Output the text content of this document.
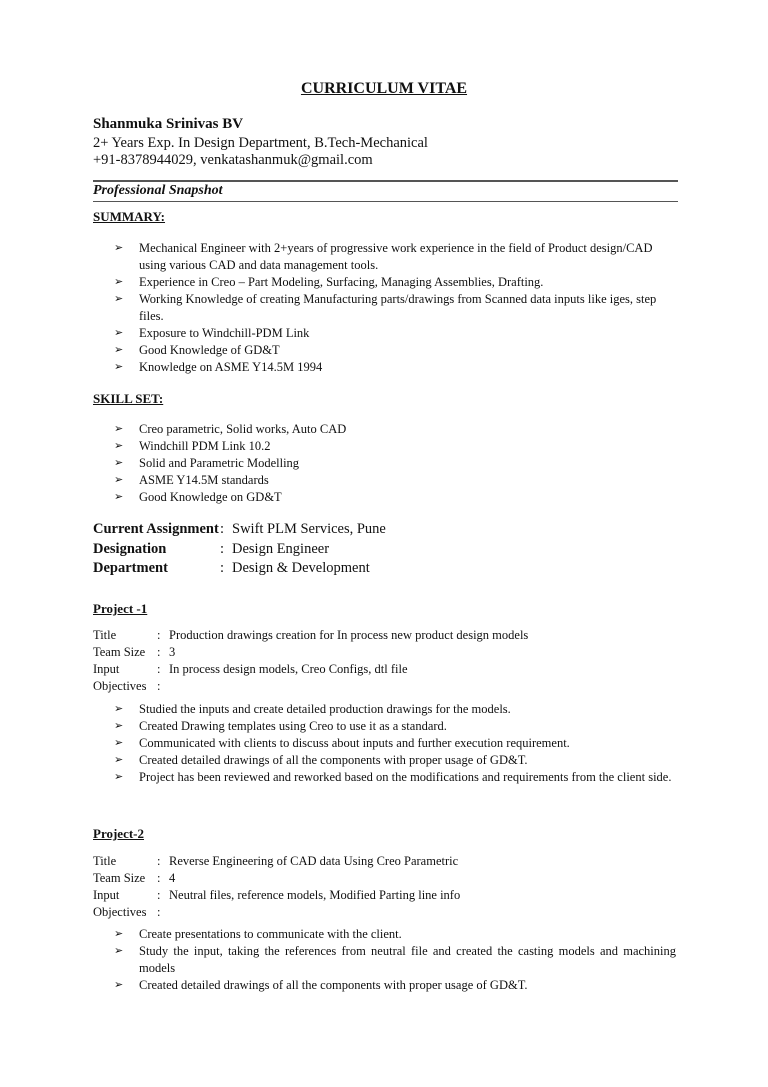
CURRICULUM VITAE
Shanmuka Srinivas BV
2+ Years Exp. In Design Department, B.Tech-Mechanical
+91-8378944029, venkatashanmuk@gmail.com
Professional Snapshot
SUMMARY:
➢ Mechanical Engineer with 2+years of progressive work experience in the field of Product design/CAD using various CAD and data management tools.
➢ Experience in Creo – Part Modeling, Surfacing, Managing Assemblies, Drafting.
➢ Working Knowledge of creating Manufacturing parts/drawings from Scanned data inputs like iges, step files.
➢ Exposure to Windchill-PDM Link
➢ Good Knowledge of GD&T
➢ Knowledge on ASME Y14.5M 1994
SKILL SET:
➢ Creo parametric, Solid works, Auto CAD
➢ Windchill PDM Link 10.2
➢ Solid and Parametric Modelling
➢ ASME Y14.5M standards
➢ Good Knowledge on GD&T
Current Assignment : Swift PLM Services, Pune
Designation	: Design Engineer
Department	: Design & Development
Project -1
Title	: Production drawings creation for In process new product design models
Team Size : 3
Input	: In process design models, Creo Configs, dtl file
Objectives :
➢ Studied the inputs and create detailed production drawings for the models.
➢ Created Drawing templates using Creo to use it as a standard.
➢ Communicated with clients to discuss about inputs and further execution requirement.
➢ Created detailed drawings of all the components with proper usage of GD&T.
➢ Project has been reviewed and reworked based on the modifications and requirements from the client side.
Project-2
Title	: Reverse Engineering of CAD data Using Creo Parametric
Team Size : 4
Input	: Neutral files, reference models, Modified Parting line info
Objectives :
➢ Create presentations to communicate with the client.
➢ Study the input, taking the references from neutral file and created the casting models and machining models
➢ Created detailed drawings of all the components with proper usage of GD&T.
